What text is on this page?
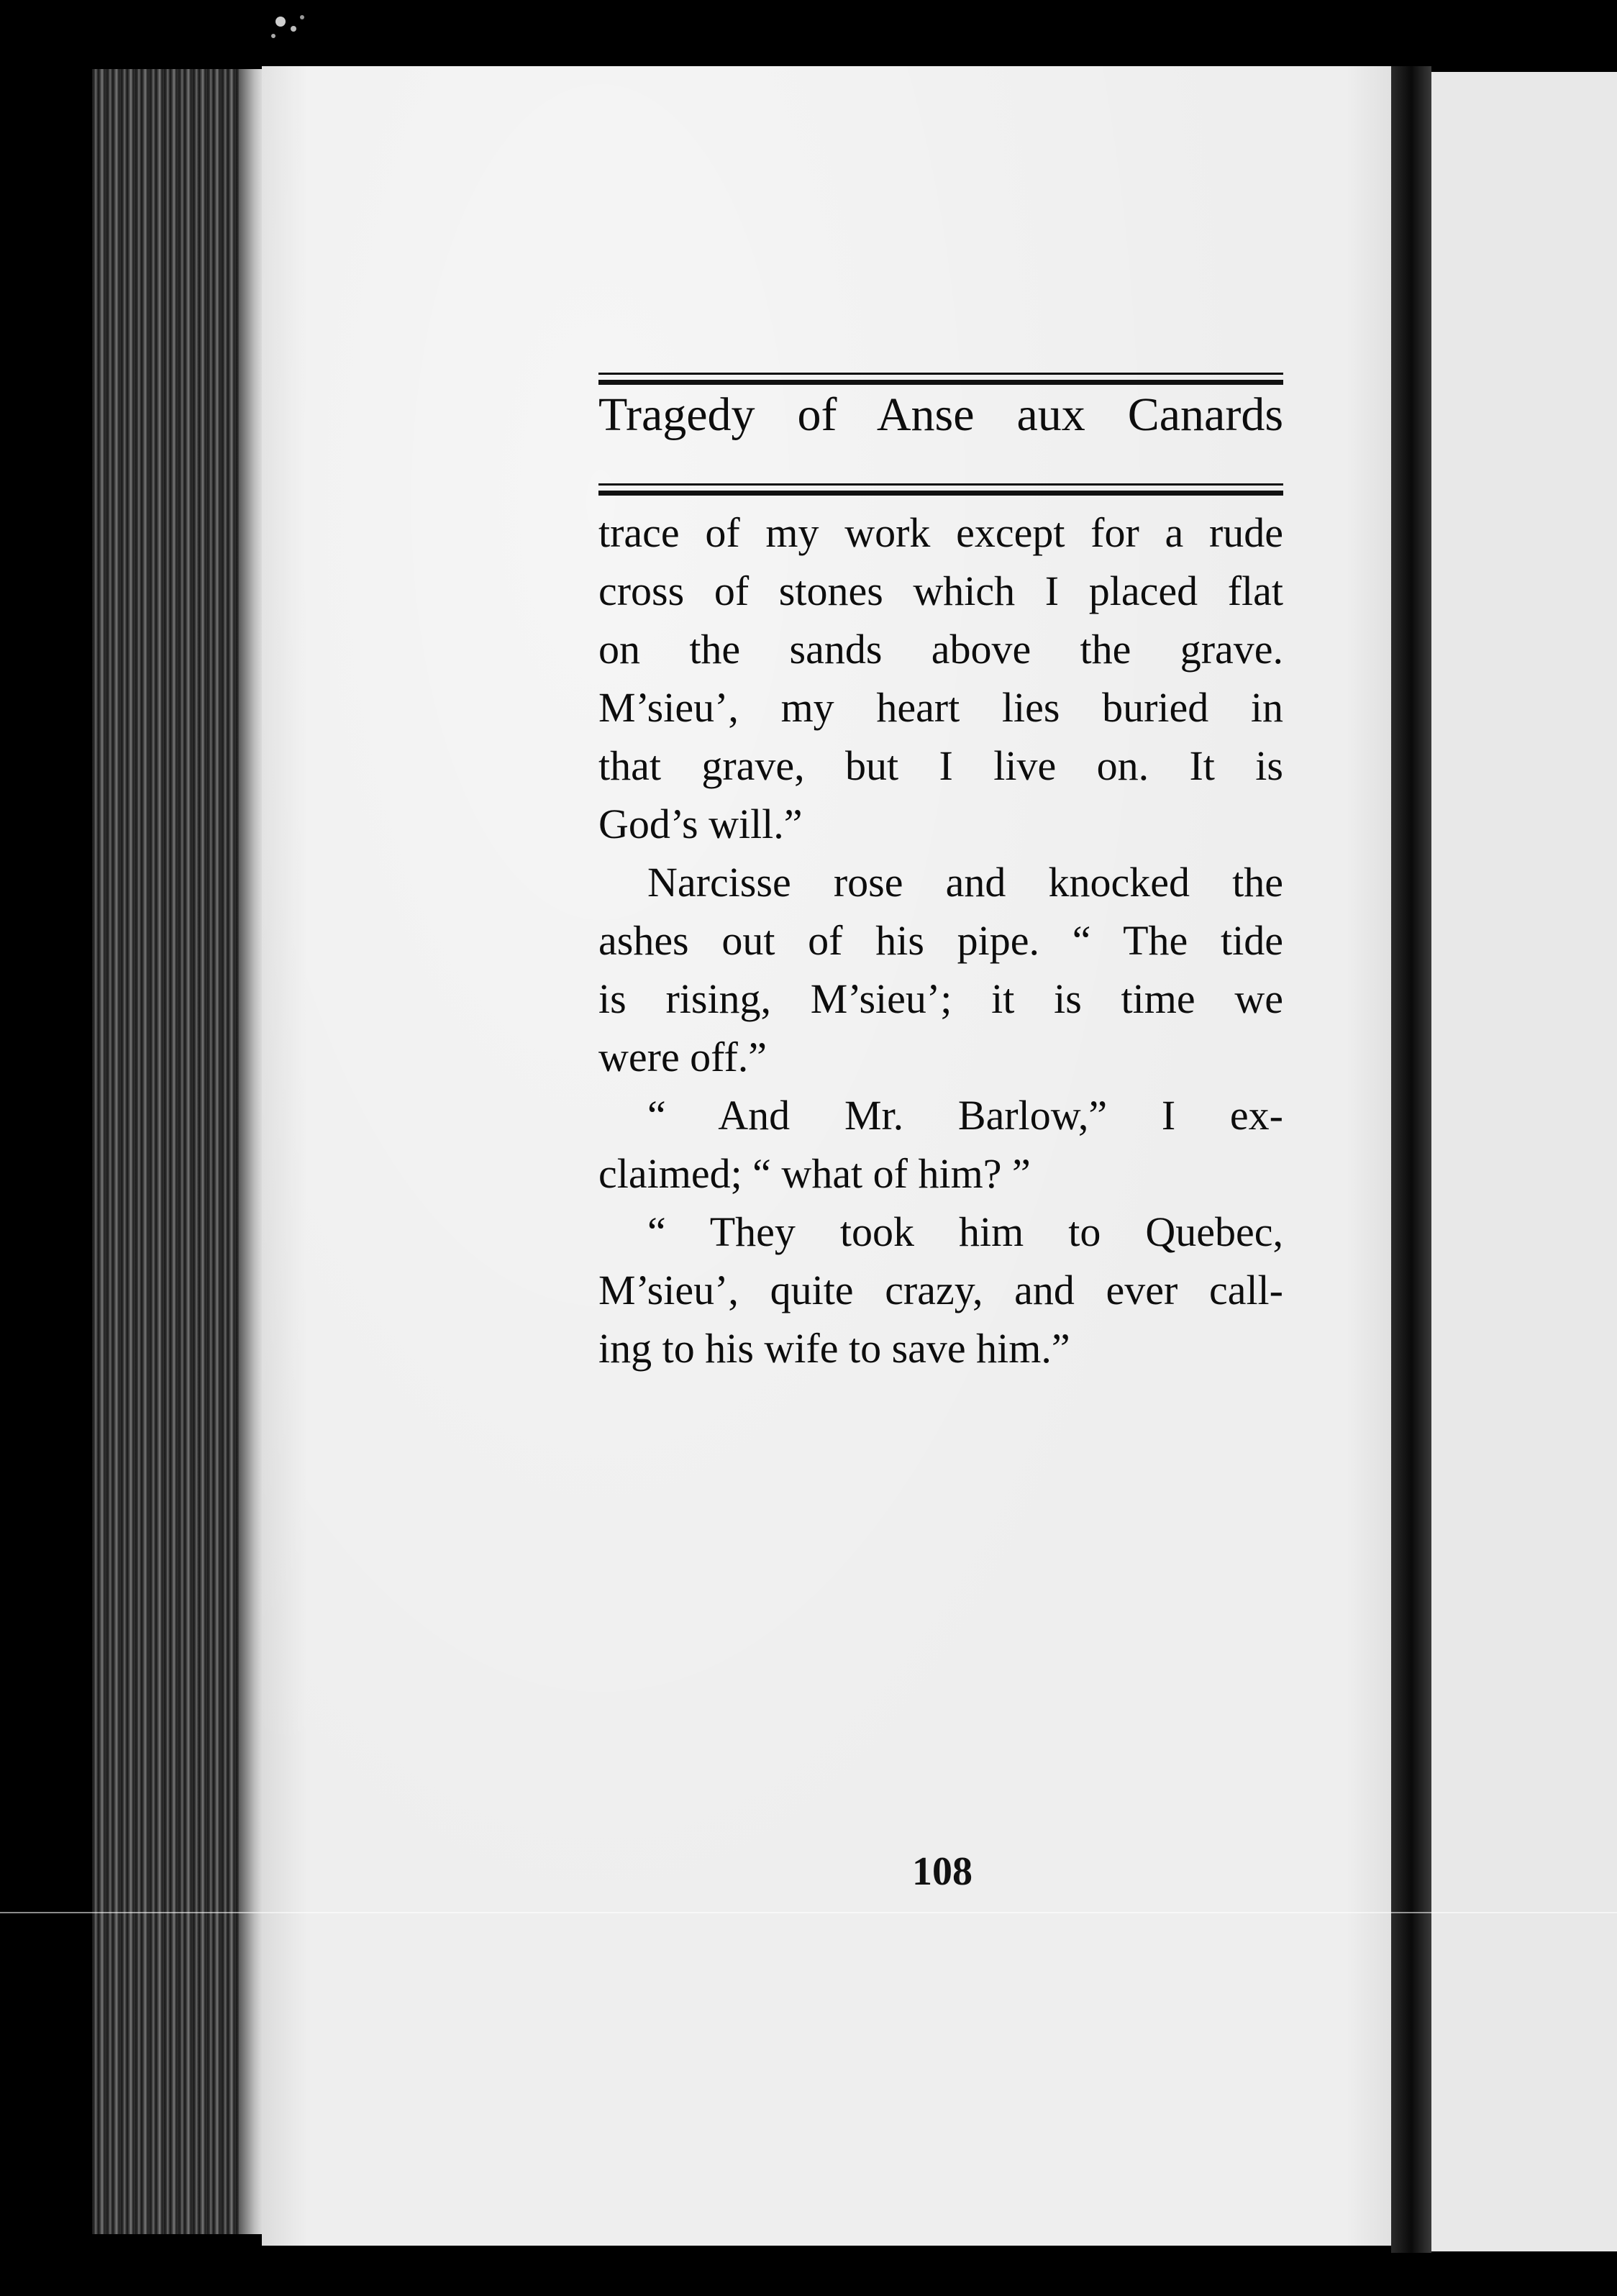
Tragedy of Anse aux Canards
trace of my work except for a rude
cross of stones which I placed flat
on the sands above the grave.
M’sieu’, my heart lies buried in
that grave, but I live on. It is
God’s will.”
Narcisse rose and knocked the
ashes out of his pipe. “ The tide
is rising, M’sieu’; it is time we
were off.”
“ And Mr. Barlow,” I ex-
claimed; “ what of him? ”
“ They took him to Quebec,
M’sieu’, quite crazy, and ever call-
ing to his wife to save him.”
108
